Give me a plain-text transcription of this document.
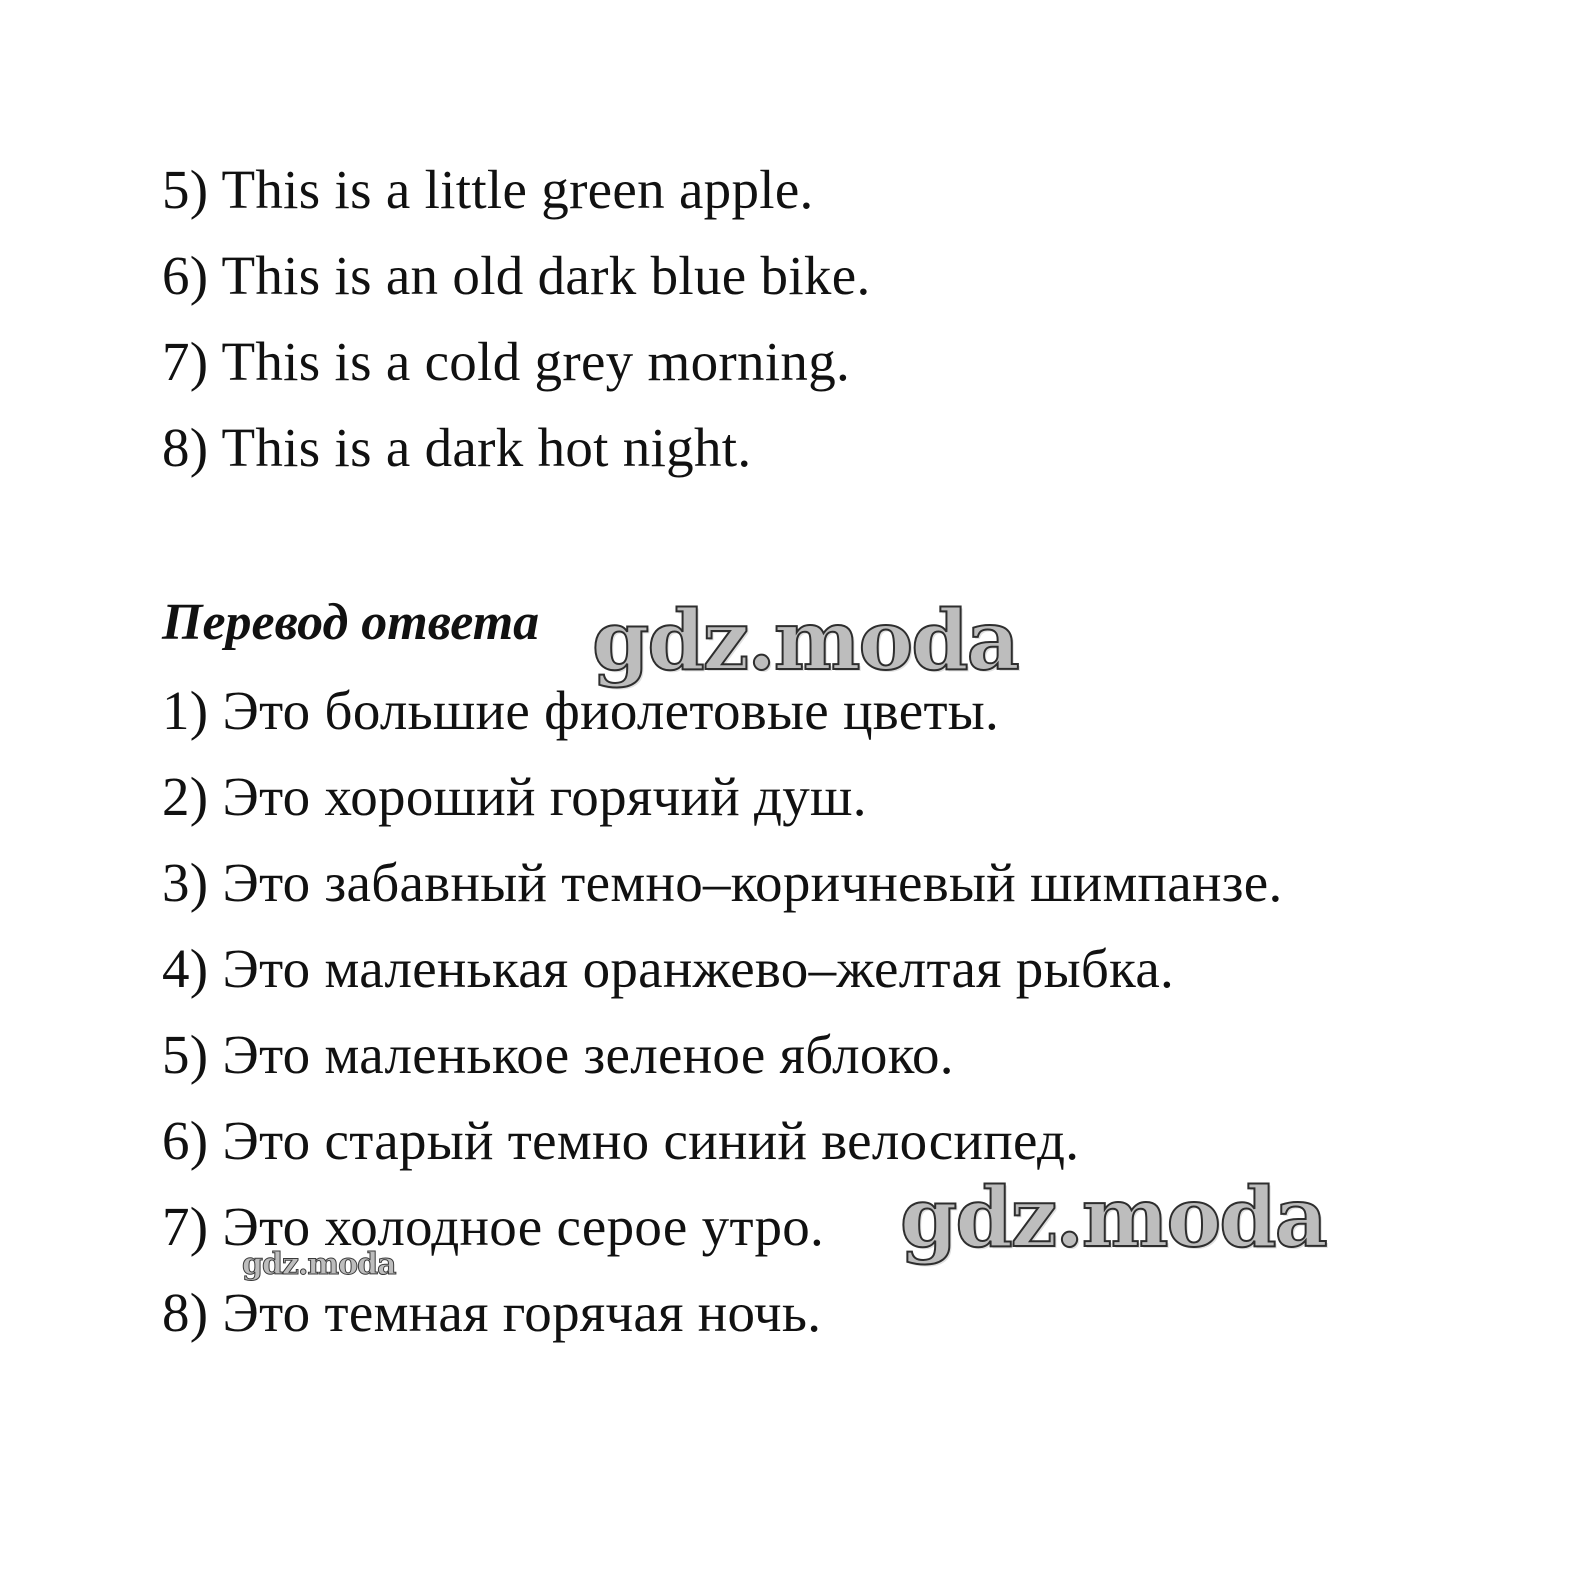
5) This is a little green apple.

6) This is an old dark blue bike.

7) This is a cold grey morning.

8) This is a dark hot night.

Перевод ответа

1) Это большие фиолетовые цветы.

2) Это хороший горячий душ.

3) Это забавный темно–коричневый шимпанзе.

4) Это маленькая оранжево–желтая рыбка.

5) Это маленькое зеленое яблоко.

6) Это старый темно синий велосипед.

7) Это холодное серое утро.

8) Это темная горячая ночь.

gdz.moda
gdz.moda
gdz.moda
